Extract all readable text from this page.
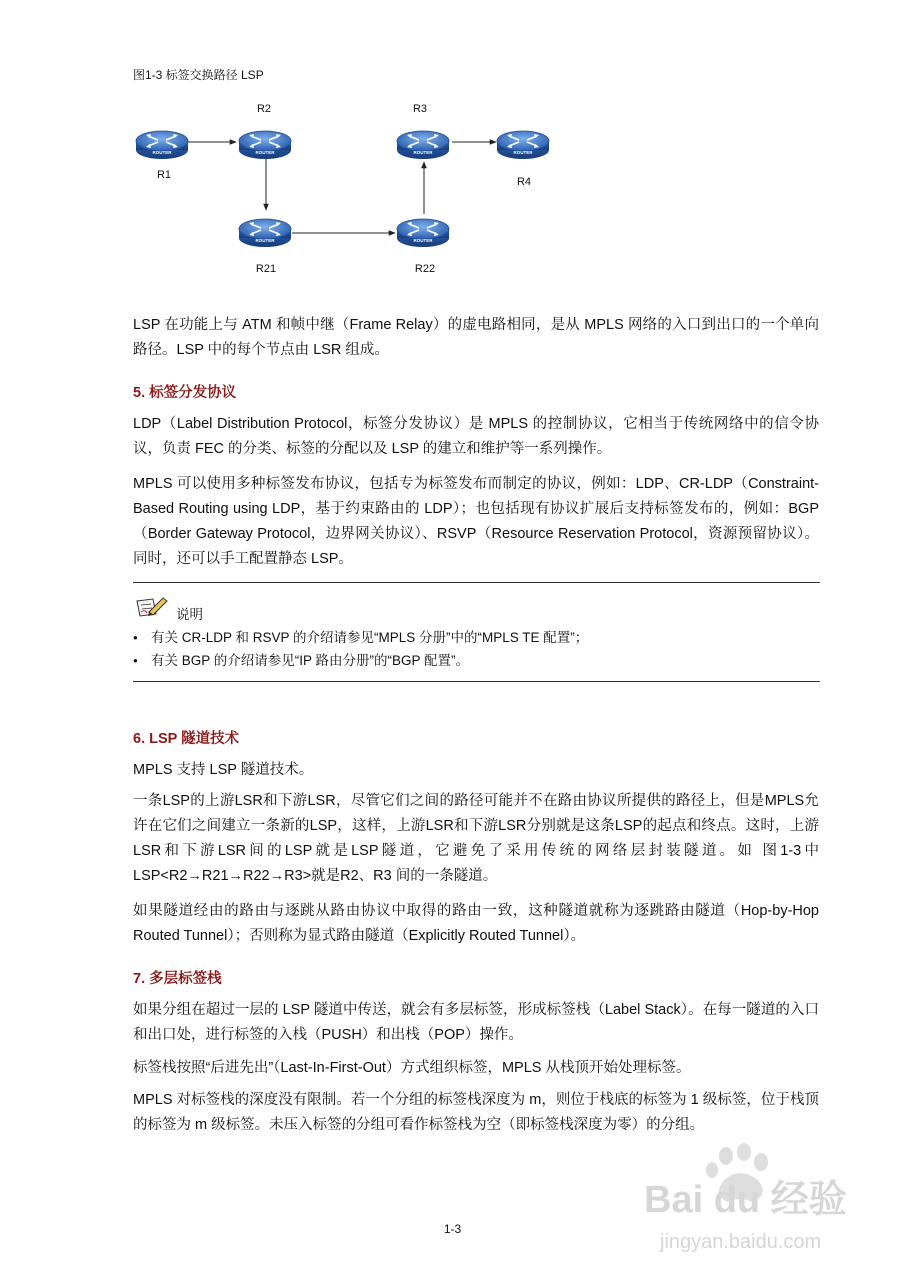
图1-3 标签交换路径 LSP
ROUTER	ROUTER	ROUTER	ROUTER
ROUTER	ROUTER
R1
R2	R3
R4
R21	R22

LSP 在功能上与 ATM 和帧中继（Frame Relay）的虚电路相同，是从 MPLS 网络的入口到出口的一个单向路径。LSP 中的每个节点由 LSR 组成。

5. 标签分发协议

LDP（Label Distribution Protocol，标签分发协议）是 MPLS 的控制协议，它相当于传统网络中的信令协议，负责 FEC 的分类、标签的分配以及 LSP 的建立和维护等一系列操作。

MPLS 可以使用多种标签发布协议，包括专为标签发布而制定的协议，例如：LDP、CR-LDP（Constraint-Based Routing using LDP，基于约束路由的 LDP）；也包括现有协议扩展后支持标签发布的，例如：BGP（Border Gateway Protocol，边界网关协议）、RSVP（Resource Reservation Protocol，资源预留协议）。同时，还可以手工配置静态 LSP。

说明
● 有关 CR-LDP 和 RSVP 的介绍请参见“MPLS 分册”中的“MPLS TE 配置”；
● 有关 BGP 的介绍请参见“IP 路由分册”的“BGP 配置”。
6. LSP 隧道技术

MPLS 支持 LSP 隧道技术。

一条LSP的上游LSR和下游LSR，尽管它们之间的路径可能并不在路由协议所提供的路径上，但是MPLS允许在它们之间建立一条新的LSP，这样，上游LSR和下游LSR分别就是这条LSP的起点和终点。这时，上游LSR和下游LSR间的LSP就是LSP隧道，它避免了采用传统的网络层封装隧道。如 图1-3中LSP<R2→R21→R22→R3>就是R2、R3 间的一条隧道。

如果隧道经由的路由与逐跳从路由协议中取得的路由一致，这种隧道就称为逐跳路由隧道（Hop-by-Hop Routed Tunnel）；否则称为显式路由隧道（Explicitly Routed Tunnel）。

7. 多层标签栈

如果分组在超过一层的 LSP 隧道中传送，就会有多层标签，形成标签栈（Label Stack）。在每一隧道的入口和出口处，进行标签的入栈（PUSH）和出栈（POP）操作。

标签栈按照“后进先出”（Last-In-First-Out）方式组织标签，MPLS 从栈顶开始处理标签。

MPLS 对标签栈的深度没有限制。若一个分组的标签栈深度为 m，则位于栈底的标签为 1 级标签，位于栈顶的标签为 m 级标签。未压入标签的分组可看作标签栈为空（即标签栈深度为零）的分组。

Bai du 经验
jingyan.baidu.com
1-3
